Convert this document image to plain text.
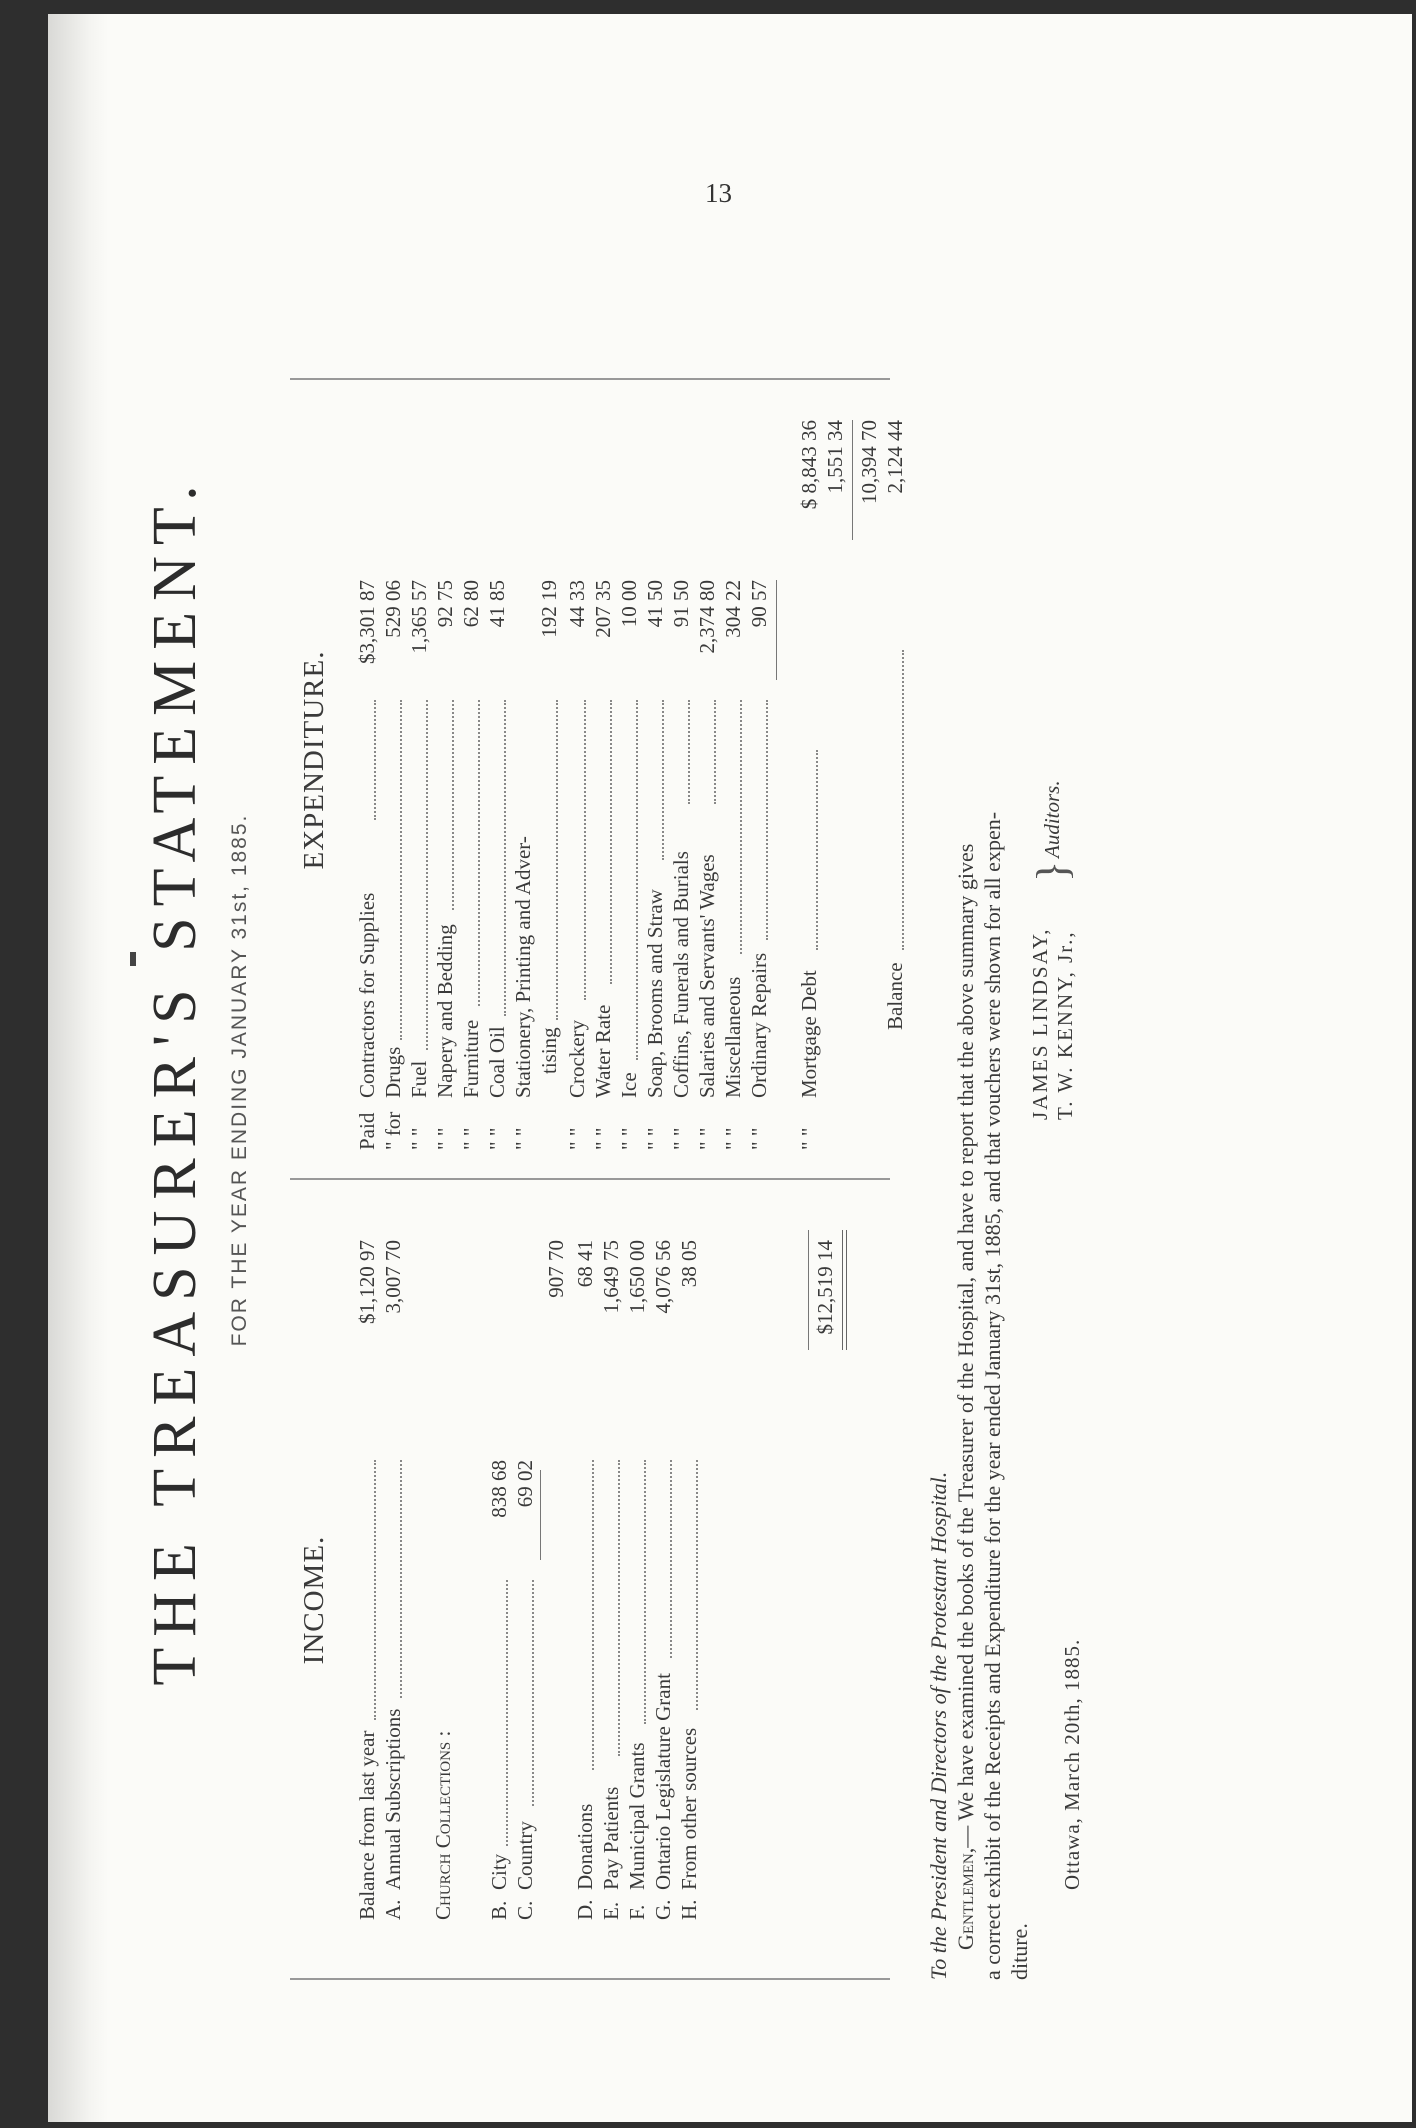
13
THE TREASURER'S STATEMENT. FOR THE YEAR ENDING JANUARY 31st, 1885.
INCOME.
EXPENDITURE.
Balance from last year
$1,120 97
A.
Annual Subscriptions
3,007 70
Church Collections : B.
City
838 68
C.
Country
69 02
907 70
D.
Donations
68 41
E.
Pay Patients
1,649 75
F.
Municipal Grants
1,650 00
G.
Ontario Legislature Grant
4,076 56
H.
From other sources
38 05	$12,519 14
Paid
Contractors for Supplies
$3,301 87
" for
Drugs
529 06
" "
Fuel
1,365 57
" "
Napery and Bedding
92 75
" "
Furniture
62 80
" "
Coal Oil
41 85
" "
Stationery, Printing and Adver- tising
192 19
" "
Crockery
44 33
" "
Water Rate
207 35
" "
Ice
10 00
" "
Soap, Brooms and Straw
41 50
" "
Coffins, Funerals and Burials
91 50
" "
Salaries and Servants' Wages
2,374 80
" "
Miscellaneous
304 22
" "
Ordinary Repairs
90 57
$ 8,843 36
" "
Mortgage Debt
1,551 34 10,394 70
Balance
2,124 44
To the President and Directors of the Protestant Hospital. Gentlemen,— We have examined the books of the Treasurer of the Hospital, and have to report that the above summary gives a correct exhibit of the Receipts and Expenditure for the year ended January 31st, 1885, and that vouchers were shown for all expen- diture.
JAMES LINDSAY, T. W. KENNY, Jr.,
}
Auditors.
Ottawa, March 20th, 1885.
